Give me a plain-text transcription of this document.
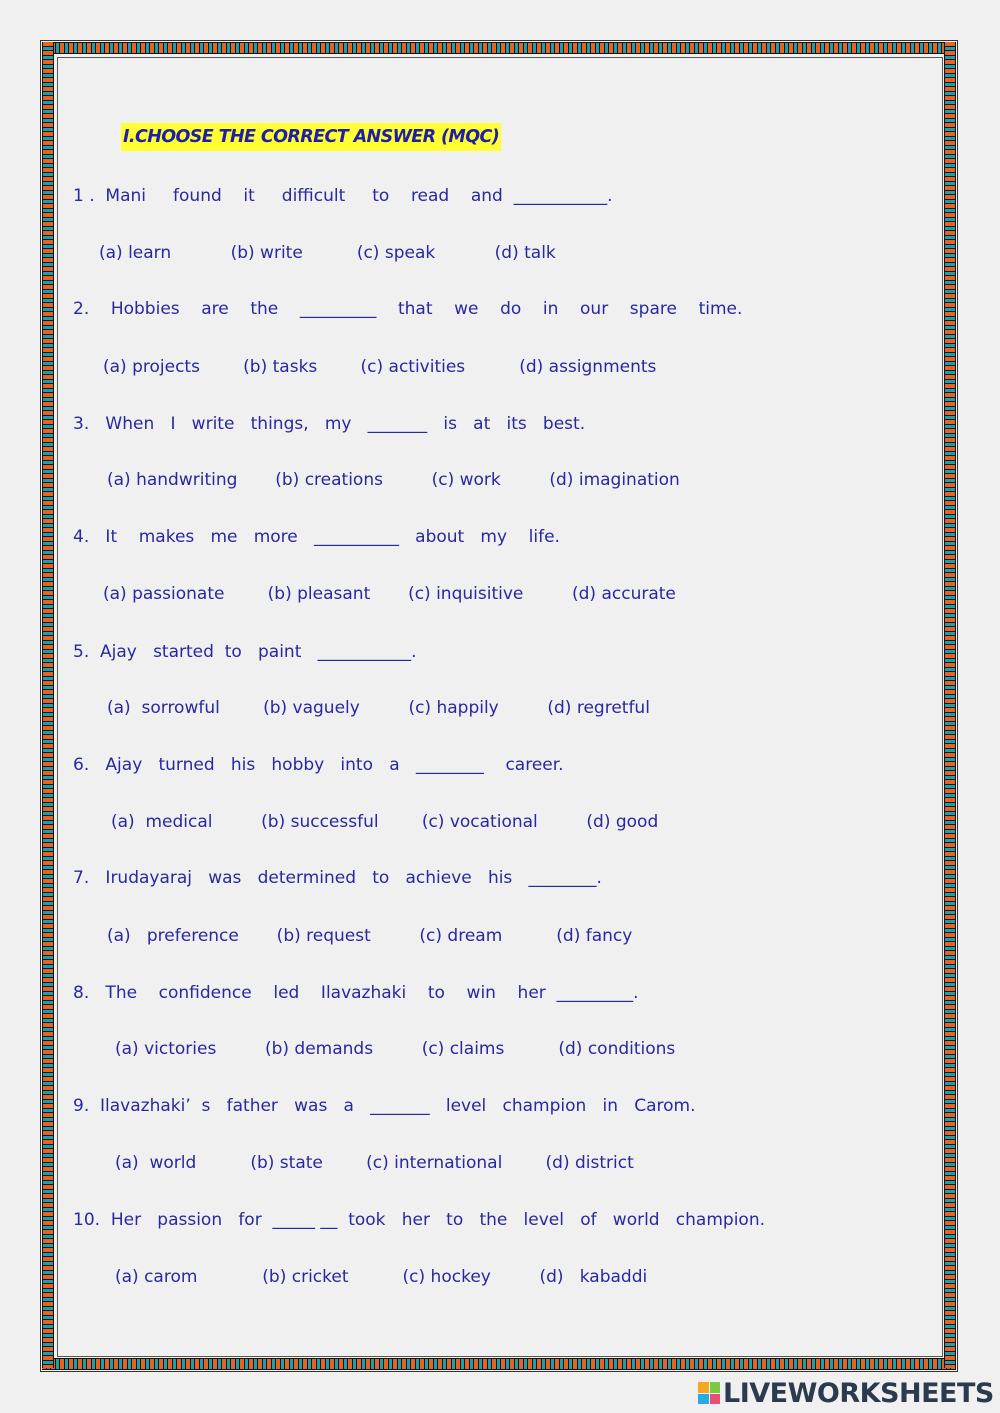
I.CHOOSE THE CORRECT ANSWER (MQC)
1 .  Mani     found    it     difficult     to    read    and  ___________.
(a) learn           (b) write          (c) speak           (d) talk
2.    Hobbies    are    the    _________    that    we    do    in    our    spare    time.
(a) projects        (b) tasks        (c) activities          (d) assignments
3.   When   I   write   things,   my   _______   is   at   its   best.
(a) handwriting       (b) creations         (c) work         (d) imagination
4.   It    makes   me   more   __________   about   my    life.
(a) passionate        (b) pleasant       (c) inquisitive         (d) accurate
5.  Ajay   started  to   paint   ___________.
(a)  sorrowful        (b) vaguely         (c) happily         (d) regretful
6.   Ajay   turned   his   hobby   into   a   ________    career.
(a)  medical         (b) successful        (c) vocational         (d) good
7.   Irudayaraj   was   determined   to   achieve   his   ________.
(a)   preference       (b) request         (c) dream          (d) fancy
8.   The    confidence    led    Ilavazhaki    to    win    her  _________.
(a) victories         (b) demands         (c) claims          (d) conditions
9.  Ilavazhaki’  s   father   was   a   _______   level   champion   in   Carom.
(a)  world          (b) state        (c) international        (d) district
10.  Her   passion   for  _____ __  took   her   to   the   level   of   world   champion.
(a) carom            (b) cricket          (c) hockey         (d)   kabaddi
LIVEWORKSHEETS
